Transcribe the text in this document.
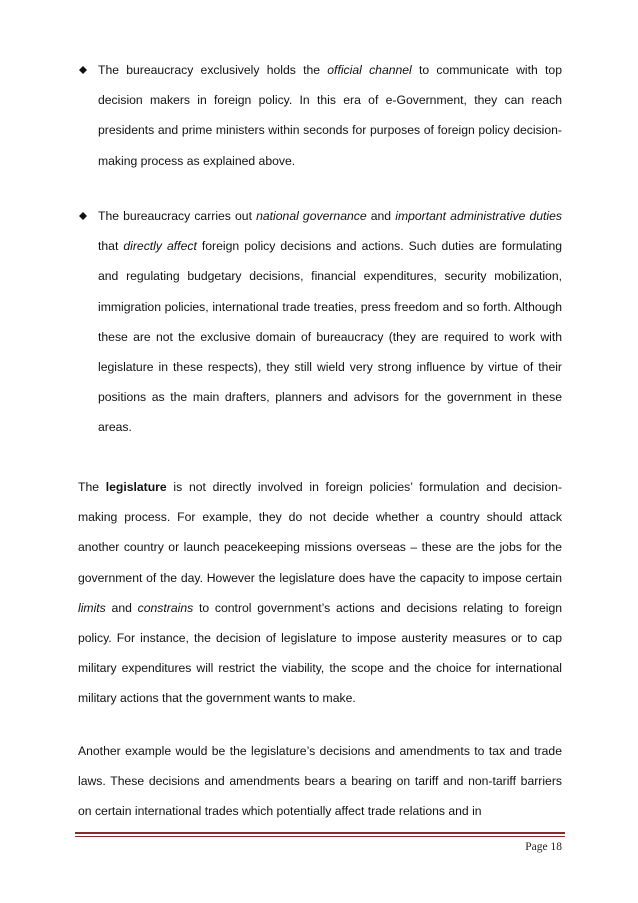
The bureaucracy exclusively holds the official channel to communicate with top decision makers in foreign policy. In this era of e-Government, they can reach presidents and prime ministers within seconds for purposes of foreign policy decision-making process as explained above.
The bureaucracy carries out national governance and important administrative duties that directly affect foreign policy decisions and actions. Such duties are formulating and regulating budgetary decisions, financial expenditures, security mobilization, immigration policies, international trade treaties, press freedom and so forth. Although these are not the exclusive domain of bureaucracy (they are required to work with legislature in these respects), they still wield very strong influence by virtue of their positions as the main drafters, planners and advisors for the government in these areas.
The legislature is not directly involved in foreign policies’ formulation and decision-making process. For example, they do not decide whether a country should attack another country or launch peacekeeping missions overseas – these are the jobs for the government of the day. However the legislature does have the capacity to impose certain limits and constrains to control government’s actions and decisions relating to foreign policy. For instance, the decision of legislature to impose austerity measures or to cap military expenditures will restrict the viability, the scope and the choice for international military actions that the government wants to make.
Another example would be the legislature’s decisions and amendments to tax and trade laws. These decisions and amendments bears a bearing on tariff and non-tariff barriers on certain international trades which potentially affect trade relations and in
Page 18
